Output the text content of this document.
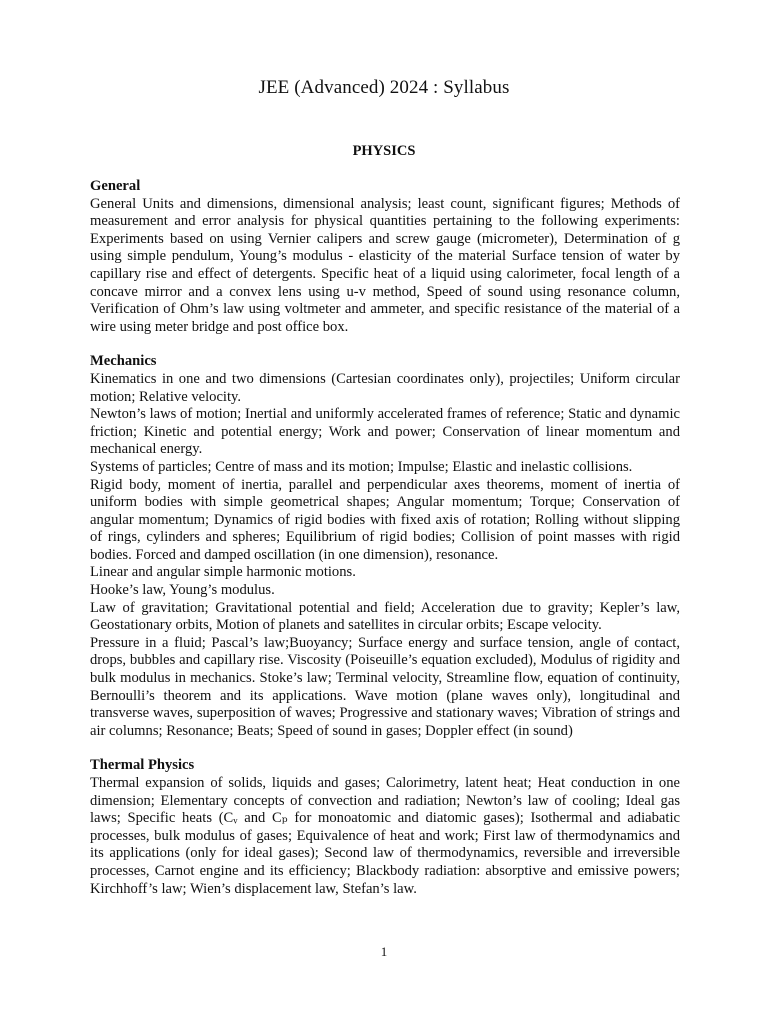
JEE (Advanced) 2024 : Syllabus
PHYSICS

General

General Units and dimensions, dimensional analysis; least count, significant figures; Methods of measurement and error analysis for physical quantities pertaining to the following experiments: Experiments based on using Vernier calipers and screw gauge (micrometer), Determination of g using simple pendulum, Young’s modulus - elasticity of the material Surface tension of water by capillary rise and effect of detergents. Specific heat of a liquid using calorimeter, focal length of a concave mirror and a convex lens using u-v method, Speed of sound using resonance column, Verification of Ohm’s law using voltmeter and ammeter, and specific resistance of the material of a wire using meter bridge and post office box.

Mechanics

Kinematics in one and two dimensions (Cartesian coordinates only), projectiles; Uniform circular motion; Relative velocity.

Newton’s laws of motion; Inertial and uniformly accelerated frames of reference; Static and dynamic friction; Kinetic and potential energy; Work and power; Conservation of linear momentum and mechanical energy.

Systems of particles; Centre of mass and its motion; Impulse; Elastic and inelastic collisions.

Rigid body, moment of inertia, parallel and perpendicular axes theorems, moment of inertia of uniform bodies with simple geometrical shapes; Angular momentum; Torque; Conservation of angular momentum; Dynamics of rigid bodies with fixed axis of rotation; Rolling without slipping of rings, cylinders and spheres; Equilibrium of rigid bodies; Collision of point masses with rigid bodies. Forced and damped oscillation (in one dimension), resonance.

Linear and angular simple harmonic motions.

Hooke’s law, Young’s modulus.

Law of gravitation; Gravitational potential and field; Acceleration due to gravity; Kepler’s law, Geostationary orbits, Motion of planets and satellites in circular orbits; Escape velocity.

Pressure in a fluid; Pascal’s law;Buoyancy; Surface energy and surface tension, angle of contact, drops, bubbles and capillary rise. Viscosity (Poiseuille’s equation excluded), Modulus of rigidity and bulk modulus in mechanics. Stoke’s law; Terminal velocity, Streamline flow, equation of continuity, Bernoulli’s theorem and its applications. Wave motion (plane waves only), longitudinal and transverse waves, superposition of waves; Progressive and stationary waves; Vibration of strings and air columns; Resonance; Beats; Speed of sound in gases; Doppler effect (in sound)

Thermal Physics

Thermal expansion of solids, liquids and gases; Calorimetry, latent heat; Heat conduction in one dimension; Elementary concepts of convection and radiation; Newton’s law of cooling; Ideal gas laws; Specific heats (Cᵥ and Cₚ for monoatomic and diatomic gases); Isothermal and adiabatic processes, bulk modulus of gases; Equivalence of heat and work; First law of thermodynamics and its applications (only for ideal gases); Second law of thermodynamics, reversible and irreversible processes, Carnot engine and its efficiency; Blackbody radiation: absorptive and emissive powers; Kirchhoff’s law; Wien’s displacement law, Stefan’s law.

1
